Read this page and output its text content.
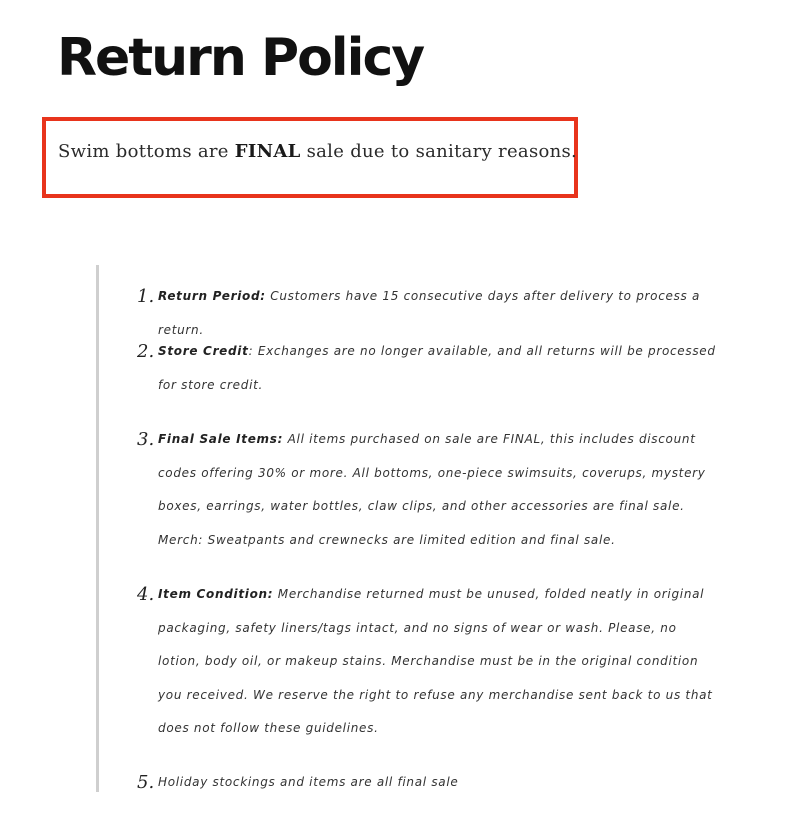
Return Policy
Swim bottoms are FINAL sale due to sanitary reasons.
1. Return Period: Customers have 15 consecutive days after delivery to process a return.
2. Store Credit: Exchanges are no longer available, and all returns will be processed for store credit.
3. Final Sale Items: All items purchased on sale are FINAL, this includes discount codes offering 30% or more. All bottoms, one-piece swimsuits, coverups, mystery boxes, earrings, water bottles, claw clips, and other accessories are final sale. Merch: Sweatpants and crewnecks are limited edition and final sale.
4. Item Condition: Merchandise returned must be unused, folded neatly in original packaging, safety liners/tags intact, and no signs of wear or wash. Please, no lotion, body oil, or makeup stains. Merchandise must be in the original condition you received. We reserve the right to refuse any merchandise sent back to us that does not follow these guidelines.
5. Holiday stockings and items are all final sale
